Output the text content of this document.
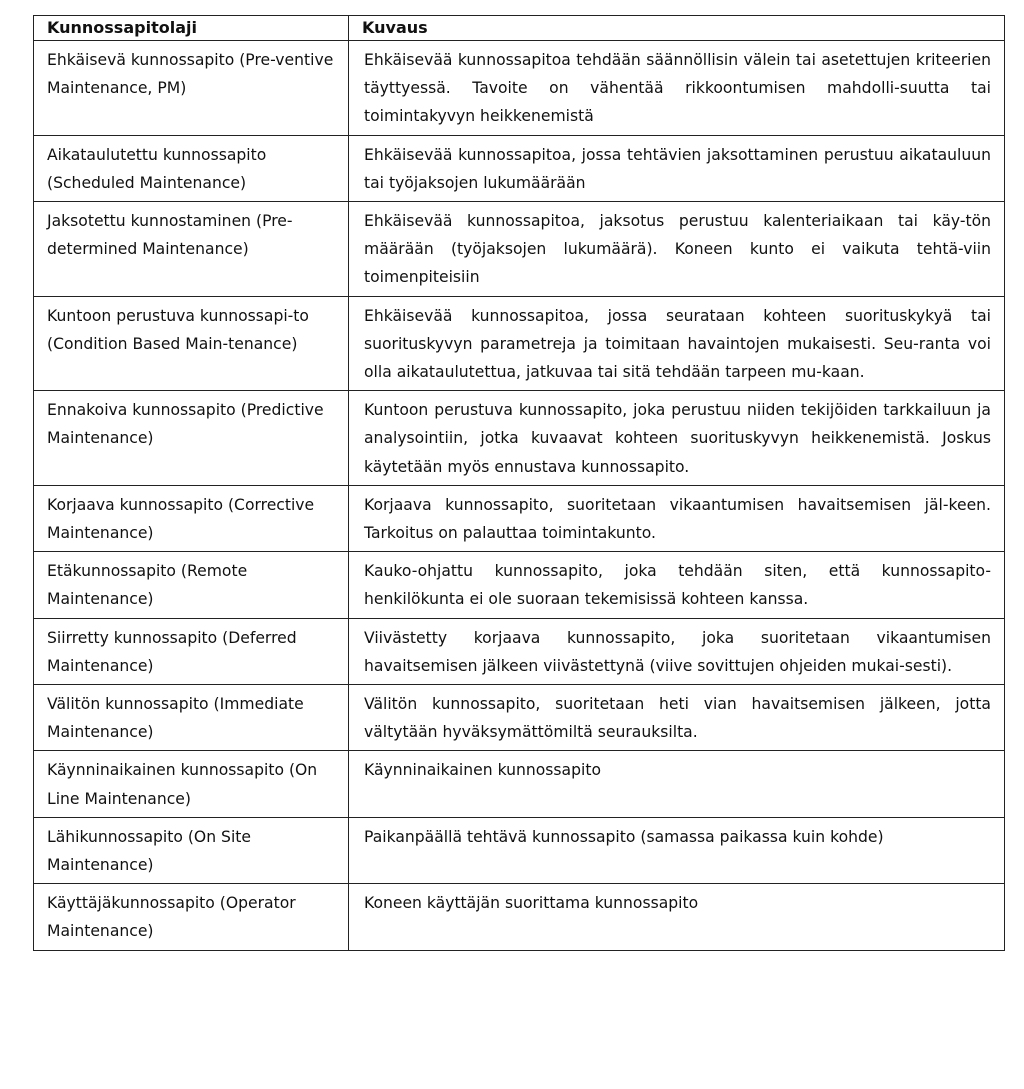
Kunnossapitolaji	Kuvaus
Ehkäisevä kunnossapito (Pre-ventive Maintenance, PM)	Ehkäisevää kunnossapitoa tehdään säännöllisin välein tai asetettujen kriteerien täyttyessä. Tavoite on vähentää rikkoontumisen mahdolli-suutta tai toimintakyvyn heikkenemistä
Aikataulutettu kunnossapito (Scheduled Maintenance)	Ehkäisevää kunnossapitoa, jossa tehtävien jaksottaminen perustuu aikatauluun tai työjaksojen lukumäärään
Jaksotettu kunnostaminen (Pre-determined Maintenance)	Ehkäisevää kunnossapitoa, jaksotus perustuu kalenteriaikaan tai käy-tön määrään (työjaksojen lukumäärä). Koneen kunto ei vaikuta tehtä-viin toimenpiteisiin
Kuntoon perustuva kunnossapi-to (Condition Based Main-tenance)	Ehkäisevää kunnossapitoa, jossa seurataan kohteen suorituskykyä tai suorituskyvyn parametreja ja toimitaan havaintojen mukaisesti. Seu-ranta voi olla aikataulutettua, jatkuvaa tai sitä tehdään tarpeen mu-kaan.
Ennakoiva kunnossapito (Predictive Maintenance)	Kuntoon perustuva kunnossapito, joka perustuu niiden tekijöiden tarkkailuun ja analysointiin, jotka kuvaavat kohteen suorituskyvyn heikkenemistä. Joskus käytetään myös ennustava kunnossapito.
Korjaava kunnossapito (Corrective Maintenance)	Korjaava kunnossapito, suoritetaan vikaantumisen havaitsemisen jäl-keen. Tarkoitus on palauttaa toimintakunto.
Etäkunnossapito (Remote Maintenance)	Kauko-ohjattu kunnossapito, joka tehdään siten, että kunnossapito-henkilökunta ei ole suoraan tekemisissä kohteen kanssa.
Siirretty kunnossapito (Deferred Maintenance)	Viivästetty korjaava kunnossapito, joka suoritetaan vikaantumisen havaitsemisen jälkeen viivästettynä (viive sovittujen ohjeiden mukai-sesti).
Välitön kunnossapito (Immediate Maintenance)	Välitön kunnossapito, suoritetaan heti vian havaitsemisen jälkeen, jotta vältytään hyväksymättömiltä seurauksilta.
Käynninaikainen kunnossapito (On Line Maintenance)	Käynninaikainen kunnossapito
Lähikunnossapito (On Site Maintenance)	Paikanpäällä tehtävä kunnossapito (samassa paikassa kuin kohde)
Käyttäjäkunnossapito (Operator Maintenance)	Koneen käyttäjän suorittama kunnossapito
